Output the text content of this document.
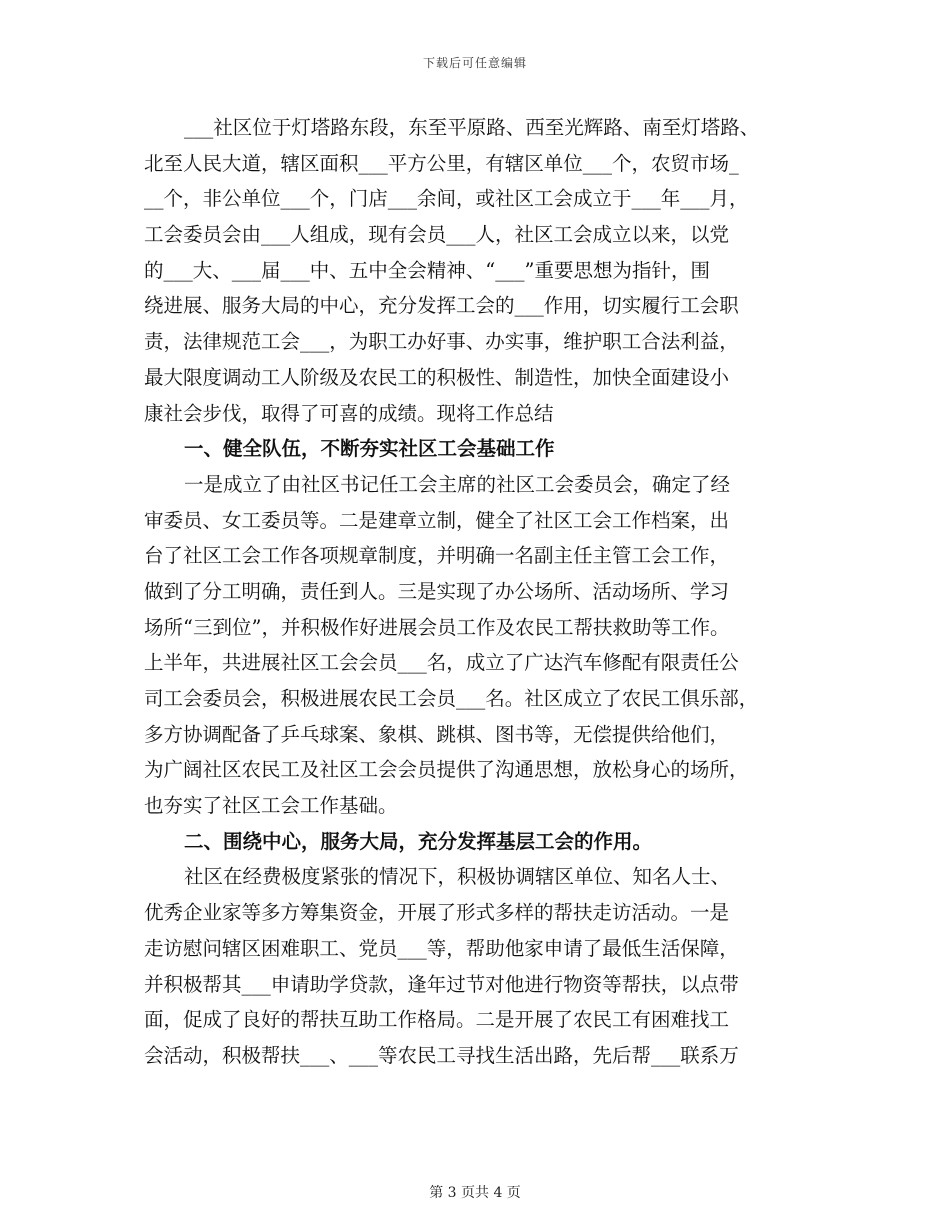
下载后可任意编辑
___社区位于灯塔路东段，东至平原路、西至光辉路、南至灯塔路、
北至人民大道，辖区面积___平方公里，有辖区单位___个，农贸市场_
__个，非公单位___个，门店___余间，或社区工会成立于___年___月，
工会委员会由___人组成，现有会员___人，社区工会成立以来，以党
的___大、___届___中、五中全会精神、“___”重要思想为指针，围
绕进展、服务大局的中心，充分发挥工会的___作用，切实履行工会职
责，法律规范工会___，为职工办好事、办实事，维护职工合法利益，
最大限度调动工人阶级及农民工的积极性、制造性，加快全面建设小
康社会步伐，取得了可喜的成绩。现将工作总结
一、健全队伍，不断夯实社区工会基础工作
一是成立了由社区书记任工会主席的社区工会委员会，确定了经
审委员、女工委员等。二是建章立制，健全了社区工会工作档案，出
台了社区工会工作各项规章制度，并明确一名副主任主管工会工作，
做到了分工明确，责任到人。三是实现了办公场所、活动场所、学习
场所“三到位”，并积极作好进展会员工作及农民工帮扶救助等工作。
上半年，共进展社区工会会员___名，成立了广达汽车修配有限责任公
司工会委员会，积极进展农民工会员___名。社区成立了农民工俱乐部，
多方协调配备了乒乓球案、象棋、跳棋、图书等，无偿提供给他们，
为广阔社区农民工及社区工会会员提供了沟通思想，放松身心的场所，
也夯实了社区工会工作基础。
二、围绕中心，服务大局，充分发挥基层工会的作用。
社区在经费极度紧张的情况下，积极协调辖区单位、知名人士、
优秀企业家等多方筹集资金，开展了形式多样的帮扶走访活动。一是
走访慰问辖区困难职工、党员___等，帮助他家申请了最低生活保障，
并积极帮其___申请助学贷款，逢年过节对他进行物资等帮扶，以点带
面，促成了良好的帮扶互助工作格局。二是开展了农民工有困难找工
会活动，积极帮扶___、___等农民工寻找生活出路，先后帮___联系万
第 3 页共 4 页
